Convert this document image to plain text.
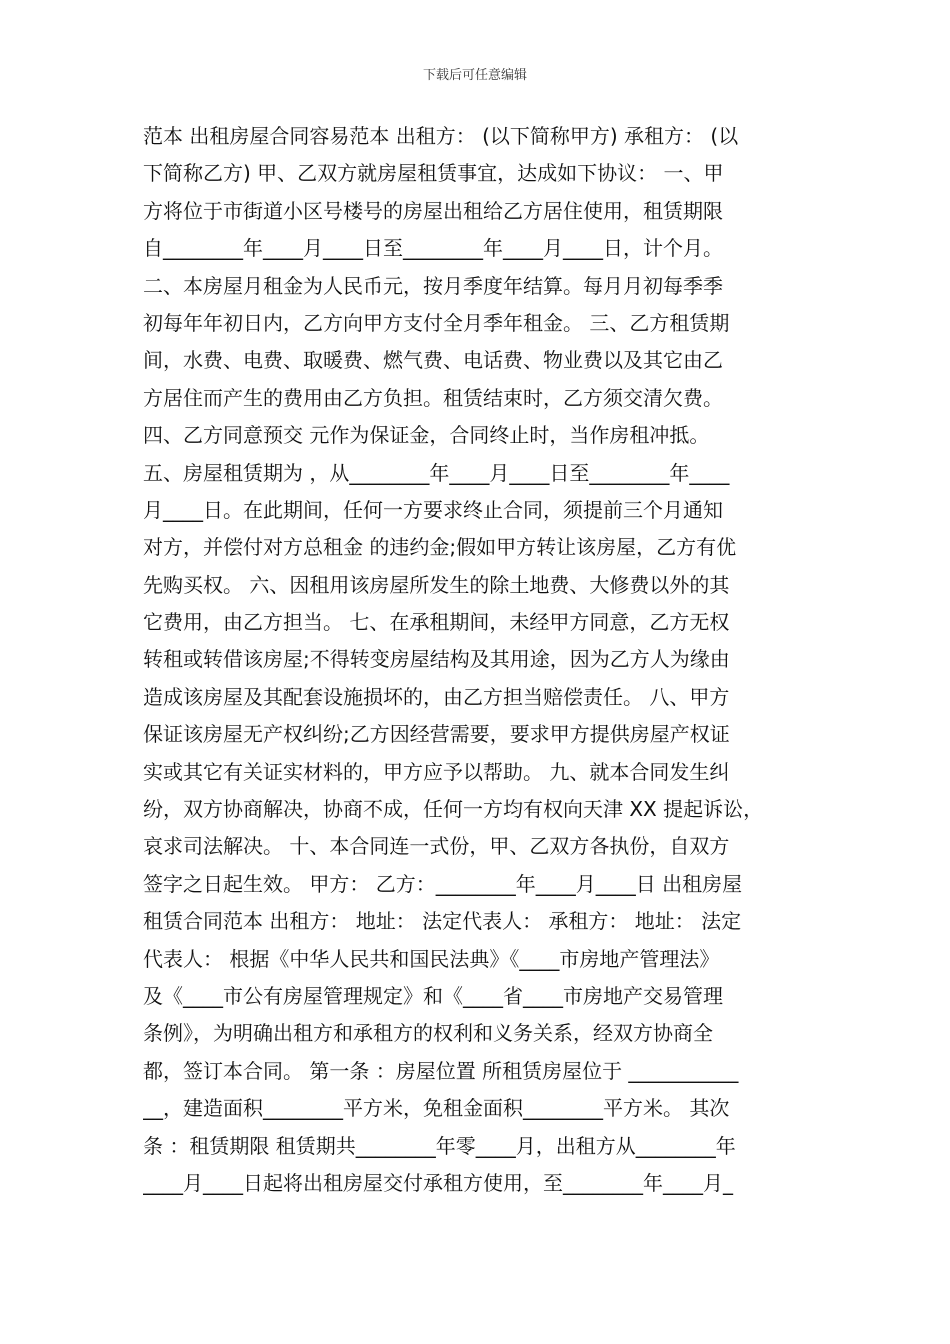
下载后可任意编辑
范本 出租房屋合同容易范本 出租方： (以下简称甲方) 承租方： (以
下简称乙方) 甲、乙双方就房屋租赁事宜，达成如下协议： 一、甲
方将位于市街道小区号楼号的房屋出租给乙方居住使用，租赁期限
自________年____月____日至________年____月____日，计个月。
二、本房屋月租金为人民币元，按月季度年结算。每月月初每季季
初每年年初日内，乙方向甲方支付全月季年租金。 三、乙方租赁期
间，水费、电费、取暖费、燃气费、电话费、物业费以及其它由乙
方居住而产生的费用由乙方负担。租赁结束时，乙方须交清欠费。
四、乙方同意预交 元作为保证金，合同终止时，当作房租冲抵。
五、房屋租赁期为 ，从________年____月____日至________年____
月____日。在此期间，任何一方要求终止合同，须提前三个月通知
对方，并偿付对方总租金 的违约金;假如甲方转让该房屋，乙方有优
先购买权。 六、因租用该房屋所发生的除土地费、大修费以外的其
它费用，由乙方担当。 七、在承租期间，未经甲方同意，乙方无权
转租或转借该房屋;不得转变房屋结构及其用途，因为乙方人为缘由
造成该房屋及其配套设施损坏的，由乙方担当赔偿责任。 八、甲方
保证该房屋无产权纠纷;乙方因经营需要，要求甲方提供房屋产权证
实或其它有关证实材料的，甲方应予以帮助。 九、就本合同发生纠
纷，双方协商解决，协商不成，任何一方均有权向天津 XX 提起诉讼，
哀求司法解决。 十、本合同连一式份，甲、乙双方各执份，自双方
签字之日起生效。 甲方： 乙方：________年____月____日 出租房屋
租赁合同范本 出租方： 地址： 法定代表人： 承租方： 地址： 法定
代表人： 根据《中华人民共和国民法典》《____市房地产管理法》
及《____市公有房屋管理规定》和《____省____市房地产交易管理
条例》，为明确出租方和承租方的权利和义务关系，经双方协商全
都，签订本合同。 第一条 ：房屋位置 所租赁房屋位于 ___________
__，建造面积________平方米，免租金面积________平方米。 其次
条 ：租赁期限 租赁期共________年零____月，出租方从________年
____月____日起将出租房屋交付承租方使用，至________年____月_
